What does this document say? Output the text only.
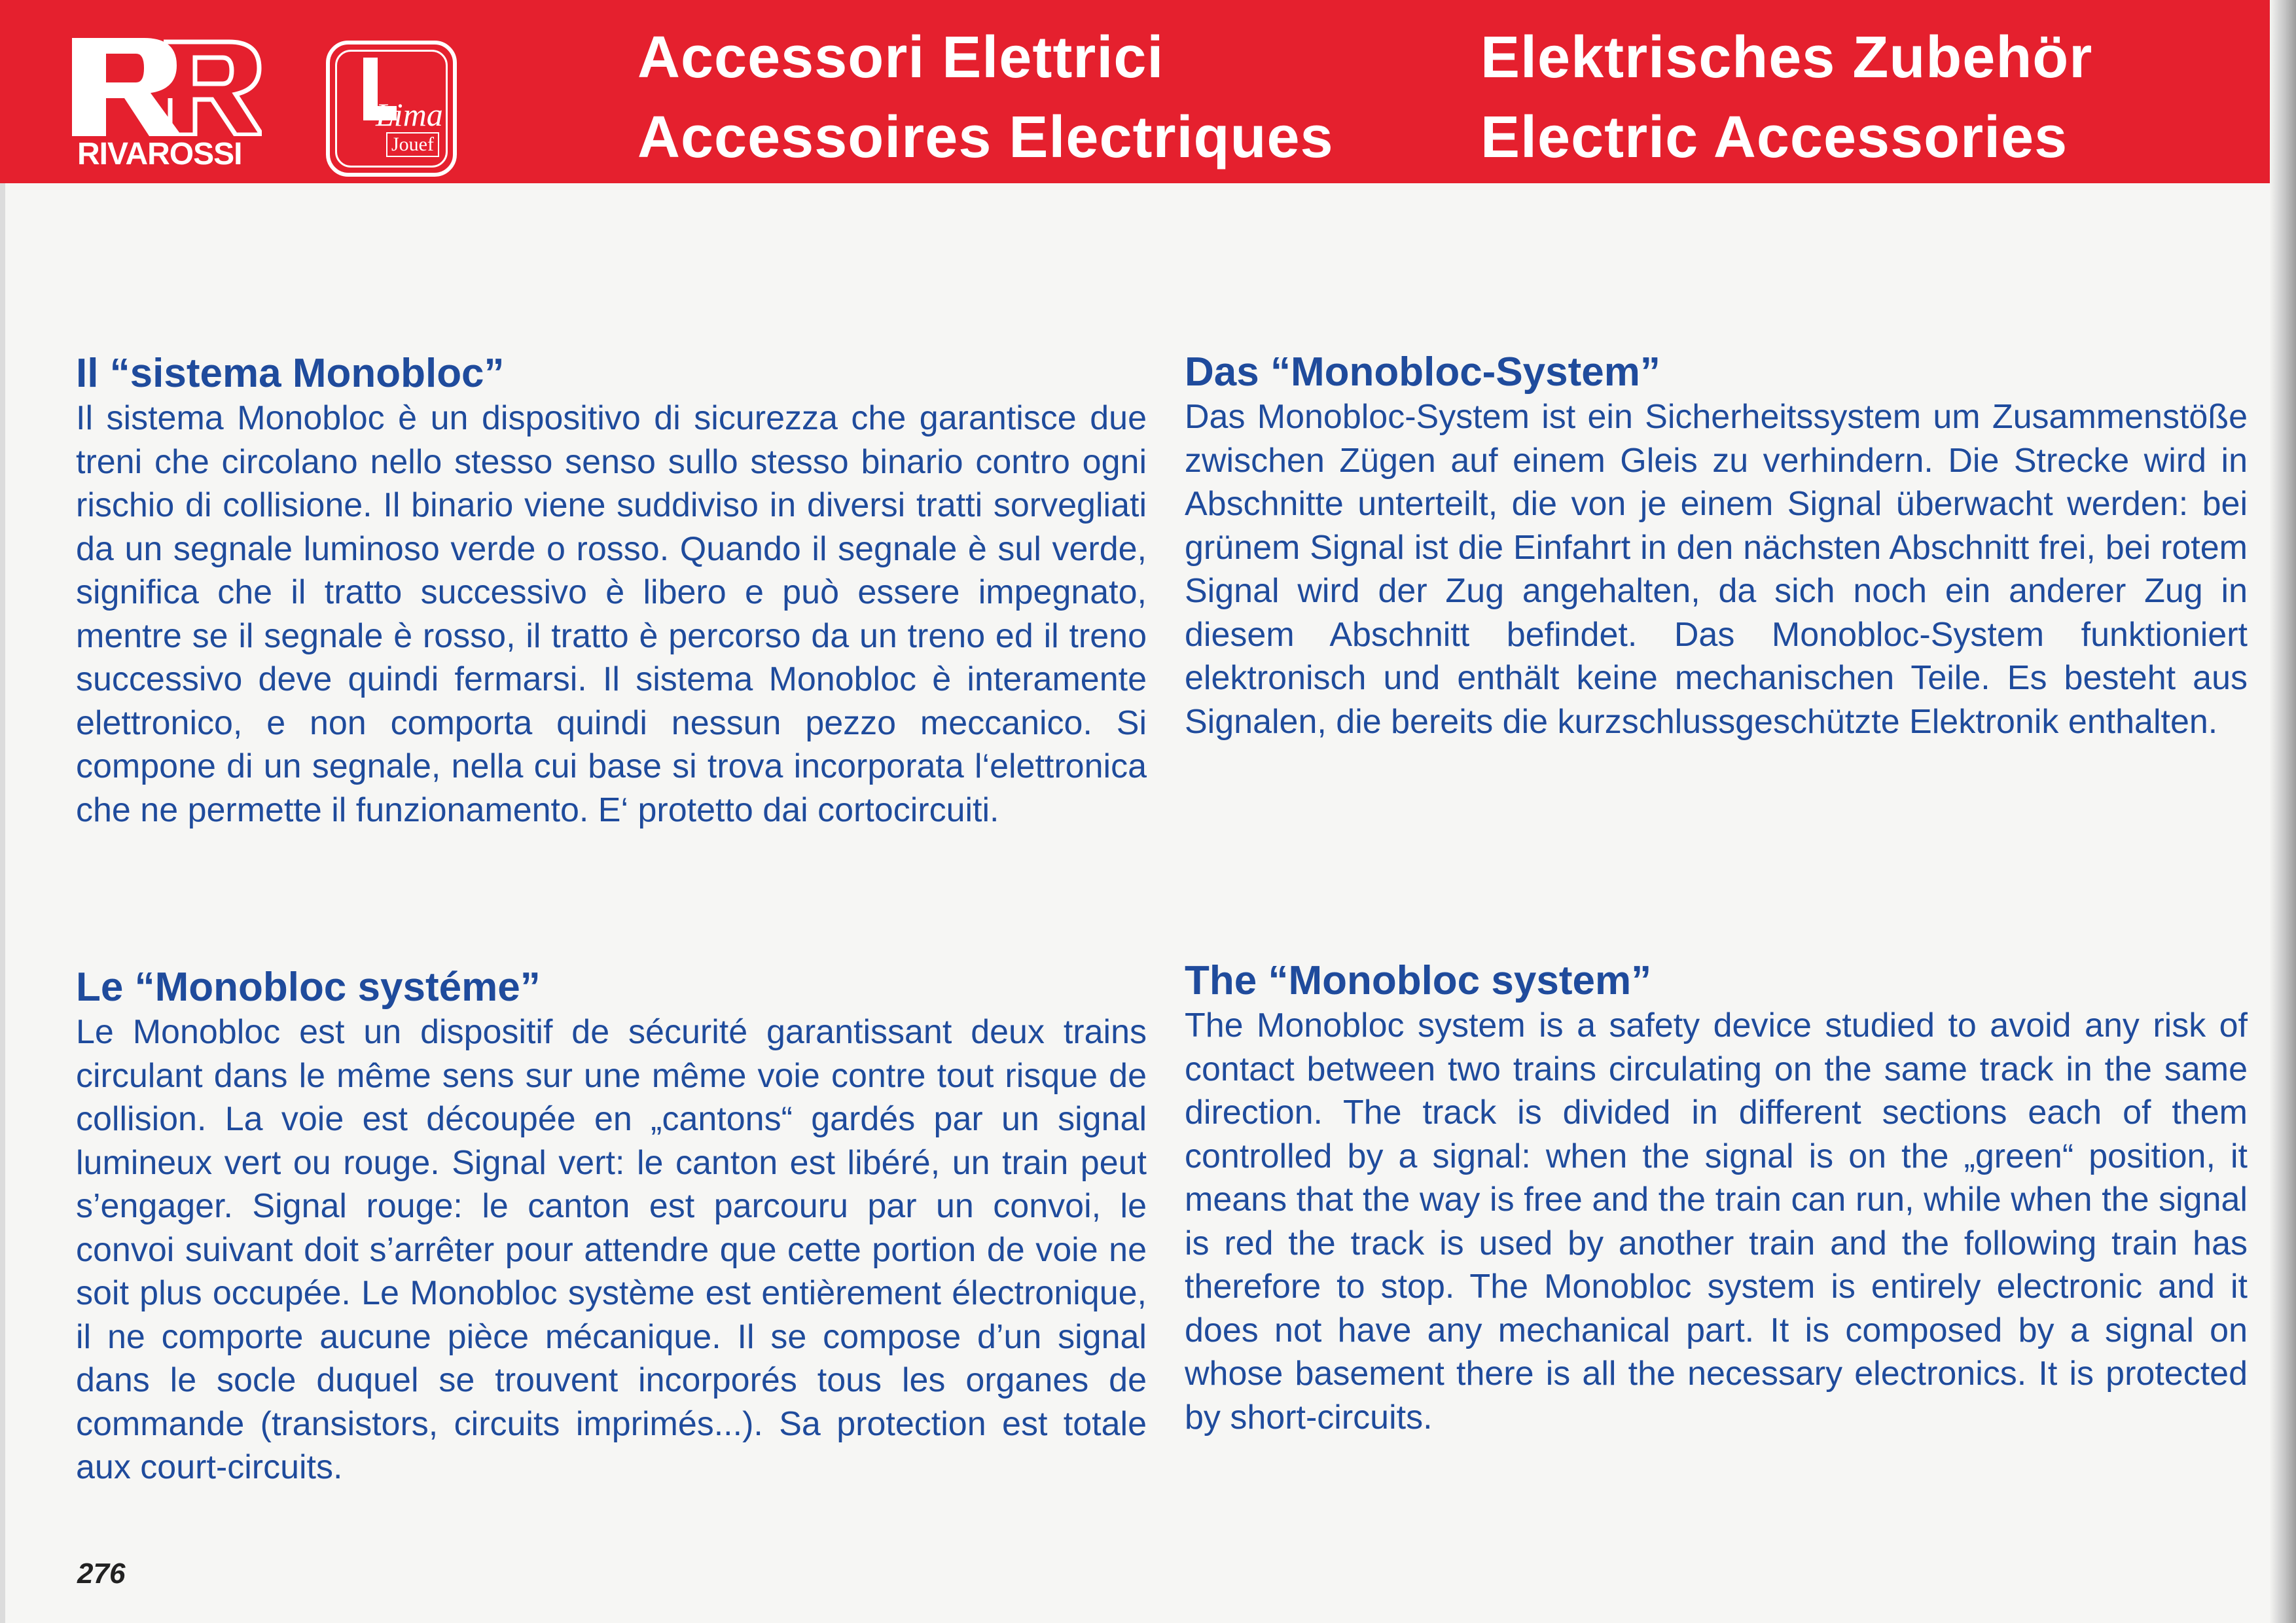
RIVAROSSI
Lima
Jouef
Accessori Elettrici
Accessoires Electriques
Elektrisches Zubehör
Electric Accessories
Il “sistema Monobloc”
Il sistema Monobloc è un dispositivo di sicurezza che garantisce due treni che circolano nello stesso senso sullo stesso binario contro ogni rischio di collisione. Il binario viene suddiviso in diversi tratti sorvegliati da un segnale luminoso verde o rosso. Quando il segnale è sul verde, significa che il tratto successivo è libero e può essere impegnato, mentre se il segnale è rosso, il tratto è percorso da un treno ed il treno successivo deve quindi fermarsi. Il sistema Monobloc è interamente elettronico, e non comporta quindi nessun pezzo meccanico. Si compone di un segnale, nella cui base si trova incorporata l‘elettronica che ne permette il funzionamento. E‘ protetto dai cortocircuiti.
Das “Monobloc-System”
Das Monobloc-System ist ein Sicherheitssystem um Zusammenstöße zwischen Zügen auf einem Gleis zu verhindern. Die Strecke wird in Abschnitte unterteilt, die von je einem Signal überwacht werden: bei grünem Signal ist die Einfahrt in den nächsten Abschnitt frei, bei rotem Signal wird der Zug angehalten, da sich noch ein anderer Zug in diesem Abschnitt befindet. Das Monobloc-System funktioniert elektronisch und enthält keine mechanischen Teile. Es besteht aus Signalen, die bereits die kurzschlussgeschützte Elektronik enthalten.
Le “Monobloc systéme”
Le Monobloc est un dispositif de sécurité garantissant deux trains circulant dans le même sens sur une même voie contre tout risque de collision. La voie est découpée en „cantons“ gardés par un signal lumineux vert ou rouge. Signal vert: le canton est libéré, un train peut s’engager. Signal rouge: le canton est parcouru par un convoi, le convoi suivant doit s’arrêter pour attendre que cette portion de voie ne soit plus occupée. Le Monobloc système est entièrement électronique, il ne comporte aucune pièce mécanique. Il se compose d’un signal dans le socle duquel se trouvent incorporés tous les organes de commande (transistors, circuits imprimés...). Sa protection est totale aux court-circuits.
The “Monobloc system”
The Monobloc system is a safety device studied to avoid any risk of contact between two trains circulating on the same track in the same direction. The track is divided in different sections each of them controlled by a signal: when the signal is on the „green“ position, it means that the way is free and the train can run, while when the signal is red the track is used by another train and the following train has therefore to stop. The Monobloc system is entirely electronic and it does not have any mechanical part. It is composed by a signal on whose basement there is all the necessary electronics. It is protected by short-circuits.
276
